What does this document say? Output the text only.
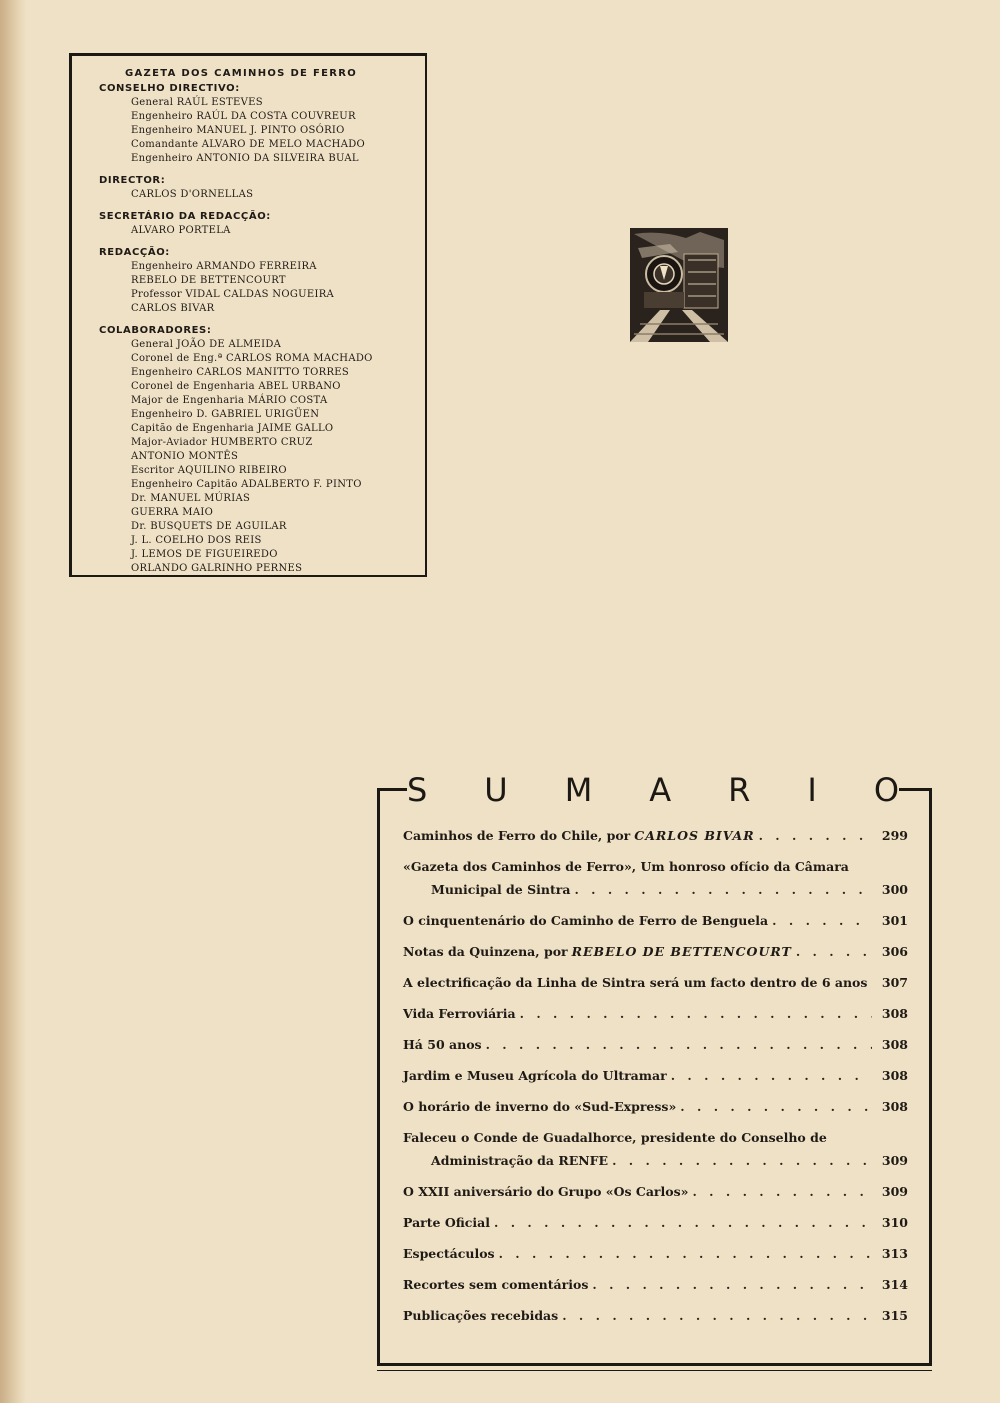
GAZETA DOS CAMINHOS DE FERRO
CONSELHO DIRECTIVO:
General RAÚL ESTEVES
Engenheiro RAÚL DA COSTA COUVREUR
Engenheiro MANUEL J. PINTO OSÓRIO
Comandante ALVARO DE MELO MACHADO
Engenheiro ANTONIO DA SILVEIRA BUAL
DIRECTOR:
CARLOS D'ORNELLAS
SECRETÁRIO DA REDACÇÃO:
ALVARO PORTELA
REDACÇÃO:
Engenheiro ARMANDO FERREIRA
REBELO DE BETTENCOURT
Professor VIDAL CALDAS NOGUEIRA
CARLOS BIVAR
COLABORADORES:
General JOÃO DE ALMEIDA
Coronel de Eng.ª CARLOS ROMA MACHADO
Engenheiro CARLOS MANITTO TORRES
Coronel de Engenharia ABEL URBANO
Major de Engenharia MÁRIO COSTA
Engenheiro D. GABRIEL URIGÜEN
Capitão de Engenharia JAIME GALLO
Major-Aviador HUMBERTO CRUZ
ANTONIO MONTÊS
Escritor AQUILINO RIBEIRO
Engenheiro Capitão ADALBERTO F. PINTO
Dr. MANUEL MÚRIAS
GUERRA MAIO
Dr. BUSQUETS DE AGUILAR
J. L. COELHO DOS REIS
J. LEMOS DE FIGUEIREDO
ORLANDO GALRINHO PERNES
S U M A R I O
Caminhos de Ferro do Chile, por CARLOS BIVAR . . .	299
«Gazeta dos Caminhos de Ferro», Um honroso ofício da Câmara
Municipal de Sintra . . .	300
O cinquentenário do Caminho de Ferro de Benguela . . .	301
Notas da Quinzena, por REBELO DE BETTENCOURT . . .	306
A electrificação da Linha de Sintra será um facto dentro de 6 anos . . . 307
Vida Ferroviária . . .	308
Há 50 anos . . .	308
Jardim e Museu Agrícola do Ultramar . . .	308
O horário de inverno do «Sud-Express» . . .	308
Faleceu o Conde de Guadalhorce, presidente do Conselho de
Administração da RENFE . . .	309
O XXII aniversário do Grupo «Os Carlos» . . .	309
Parte Oficial . . .	310
Espectáculos . . .	313
Recortes sem comentários . . .	314
Publicações recebidas . . .	315
